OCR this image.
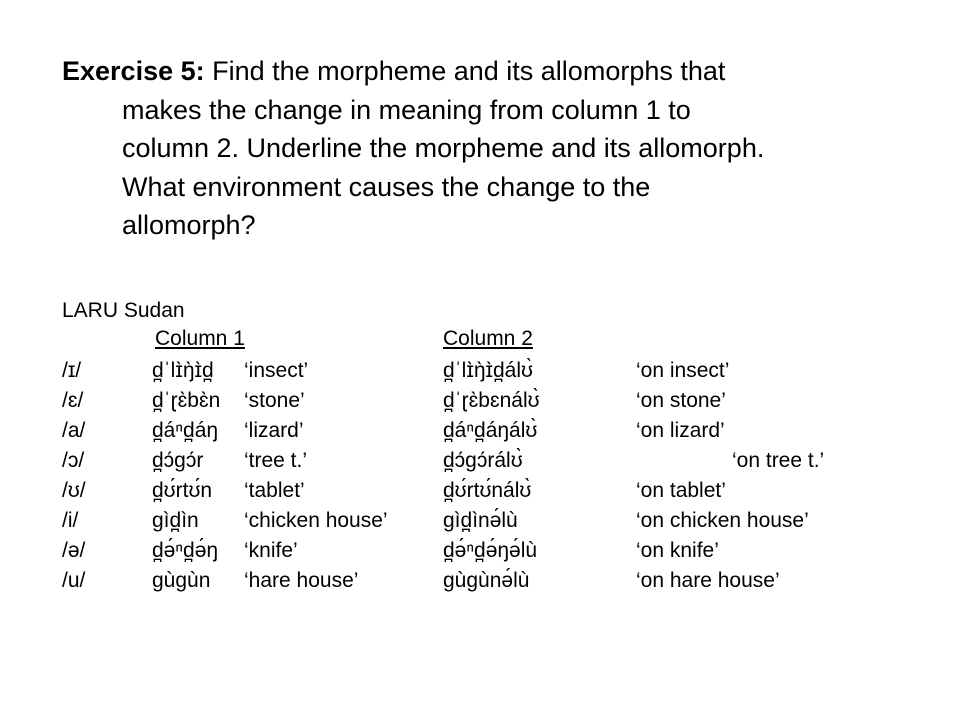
Exercise 5: Find the morpheme and its allomorphs that

makes the change in meaning from column 1 to

column 2. Underline the morpheme and its allomorph.

What environment causes the change to the

allomorph?

LARU Sudan
Column 1	Column 2
/ɪ/	d̪ˈlɪ̀ŋ̀ɪ̀d̪ ‘insect’	d̪ˈlɪ̀ŋ̀ɪ̀d̪álʊ̀	‘on insect’
/ɛ/	d̪ˈɽɛ̀bɛ̀n ‘stone’	d̪ˈɽɛ̀bɛnálʊ̀	‘on stone’
/a/	d̪áⁿd̪áŋ ‘lizard’	d̪áⁿd̪áŋálʊ̀	‘on lizard’
/ɔ/	d̪ɔ́gɔ́r ‘tree t.’	d̪ɔ́gɔ́rálʊ̀	‘on tree t.’
/ʊ/	d̪ʊ́rtʊ́n ‘tablet’	d̪ʊ́rtʊ́nálʊ̀	‘on tablet’
/i/	gìd̪ìn ‘chicken house’	gìd̪ìnə́lù	‘on chicken house’
/ə/	d̪ə́ⁿd̪ə́ŋ ‘knife’	d̪ə́ⁿd̪ə́ŋə́lù	‘on knife’
/u/	gùgùn ‘hare house’	gùgùnə́lù	‘on hare house’
